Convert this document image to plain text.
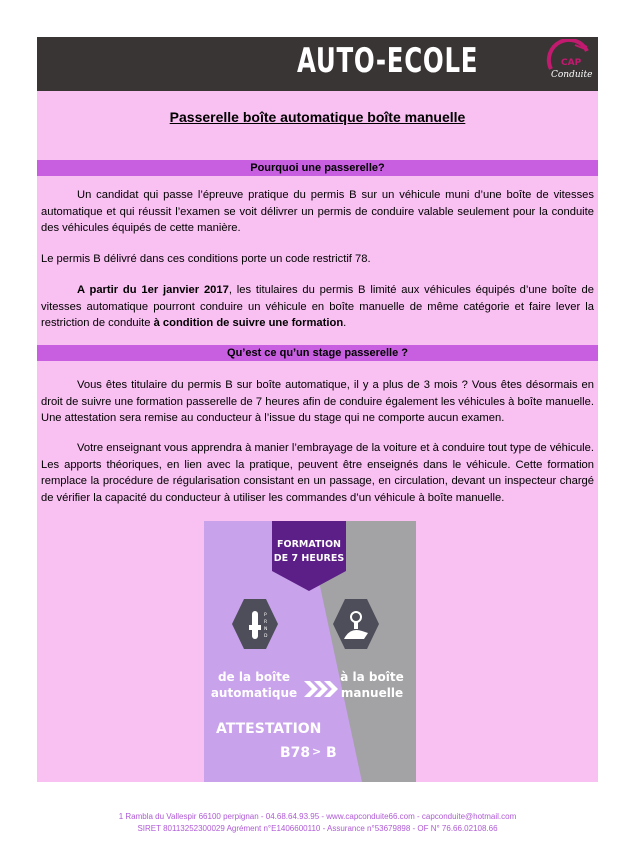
AUTO-ECOLE	CAP
Conduite
Passerelle boîte automatique boîte manuelle
Pourquoi une passerelle?
Un candidat qui passe l’épreuve pratique du permis B sur un véhicule muni d’une boîte de vitesses automatique et qui réussit l’examen se voit délivrer un permis de conduire valable seulement pour la conduite des véhicules équipés de cette manière.
Le permis B délivré dans ces conditions porte un code restrictif 78.
A partir du 1er janvier 2017, les titulaires du permis B limité aux véhicules équipés d’une boîte de vitesses automatique pourront conduire un véhicule en boîte manuelle de même catégorie et faire lever la restriction de conduite à condition de suivre une formation.
Qu’est ce qu’un stage passerelle ?
Vous êtes titulaire du permis B sur boîte automatique, il y a plus de 3 mois ? Vous êtes désormais en droit de suivre une formation passerelle de 7 heures afin de conduire également les véhicules à boîte manuelle. Une attestation sera remise au conducteur à l’issue du stage qui ne comporte aucun examen.
Votre enseignant vous apprendra à manier l’embrayage de la voiture et à conduire tout type de véhicule. Les apports théoriques, en lien avec la pratique, peuvent être enseignés dans le véhicule. Cette formation remplace la procédure de régularisation consistant en un passage, en circulation, devant un inspecteur chargé de vérifier la capacité du conducteur à utiliser les commandes d’un véhicule à boîte manuelle.
FORMATION
DE 7 HEURES
P
R
N
D
de la boîte
automatique
à la boîte
manuelle
ATTESTATION
B78 > B
1 Rambla du Vallespir 66100 perpignan - 04.68.64.93.95 - www.capconduite66.com - capconduite@hotmail.com
SIRET 80113252300029 Agrément n°E1406600110 - Assurance n°53679898 - OF N° 76.66.02108.66
